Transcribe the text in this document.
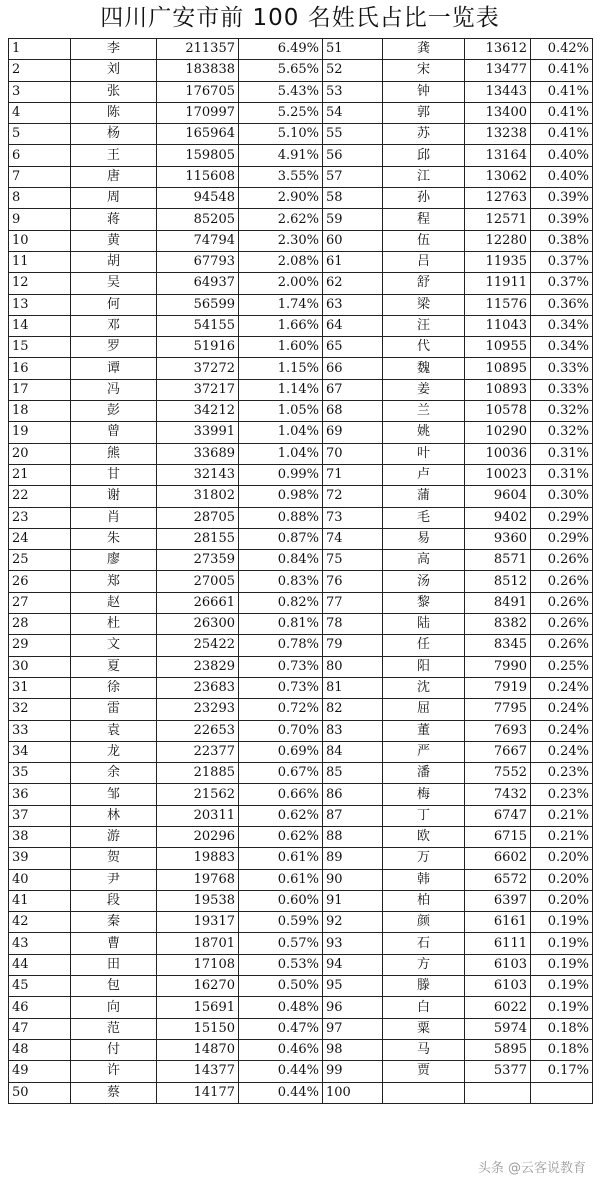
四川广安市前 100 名姓氏占比一览表
1	李	211357	6.49%	51	龚	13612	0.42%
2	刘	183838	5.65%	52	宋	13477	0.41%
3	张	176705	5.43%	53	钟	13443	0.41%
4	陈	170997	5.25%	54	郭	13400	0.41%
5	杨	165964	5.10%	55	苏	13238	0.41%
6	王	159805	4.91%	56	邱	13164	0.40%
7	唐	115608	3.55%	57	江	13062	0.40%
8	周	94548	2.90%	58	孙	12763	0.39%
9	蒋	85205	2.62%	59	程	12571	0.39%
10	黄	74794	2.30%	60	伍	12280	0.38%
11	胡	67793	2.08%	61	吕	11935	0.37%
12	吴	64937	2.00%	62	舒	11911	0.37%
13	何	56599	1.74%	63	梁	11576	0.36%
14	邓	54155	1.66%	64	汪	11043	0.34%
15	罗	51916	1.60%	65	代	10955	0.34%
16	谭	37272	1.15%	66	魏	10895	0.33%
17	冯	37217	1.14%	67	姜	10893	0.33%
18	彭	34212	1.05%	68	兰	10578	0.32%
19	曾	33991	1.04%	69	姚	10290	0.32%
20	熊	33689	1.04%	70	叶	10036	0.31%
21	甘	32143	0.99%	71	卢	10023	0.31%
22	谢	31802	0.98%	72	蒲	9604	0.30%
23	肖	28705	0.88%	73	毛	9402	0.29%
24	朱	28155	0.87%	74	易	9360	0.29%
25	廖	27359	0.84%	75	高	8571	0.26%
26	郑	27005	0.83%	76	汤	8512	0.26%
27	赵	26661	0.82%	77	黎	8491	0.26%
28	杜	26300	0.81%	78	陆	8382	0.26%
29	文	25422	0.78%	79	任	8345	0.26%
30	夏	23829	0.73%	80	阳	7990	0.25%
31	徐	23683	0.73%	81	沈	7919	0.24%
32	雷	23293	0.72%	82	屈	7795	0.24%
33	袁	22653	0.70%	83	董	7693	0.24%
34	龙	22377	0.69%	84	严	7667	0.24%
35	余	21885	0.67%	85	潘	7552	0.23%
36	邹	21562	0.66%	86	梅	7432	0.23%
37	林	20311	0.62%	87	丁	6747	0.21%
38	游	20296	0.62%	88	欧	6715	0.21%
39	贺	19883	0.61%	89	万	6602	0.20%
40	尹	19768	0.61%	90	韩	6572	0.20%
41	段	19538	0.60%	91	柏	6397	0.20%
42	秦	19317	0.59%	92	颜	6161	0.19%
43	曹	18701	0.57%	93	石	6111	0.19%
44	田	17108	0.53%	94	方	6103	0.19%
45	包	16270	0.50%	95	滕	6103	0.19%
46	向	15691	0.48%	96	白	6022	0.19%
47	范	15150	0.47%	97	粟	5974	0.18%
48	付	14870	0.46%	98	马	5895	0.18%
49	许	14377	0.44%	99	贾	5377	0.17%
50	蔡	14177	0.44%	100			
头条 @云客说教育
